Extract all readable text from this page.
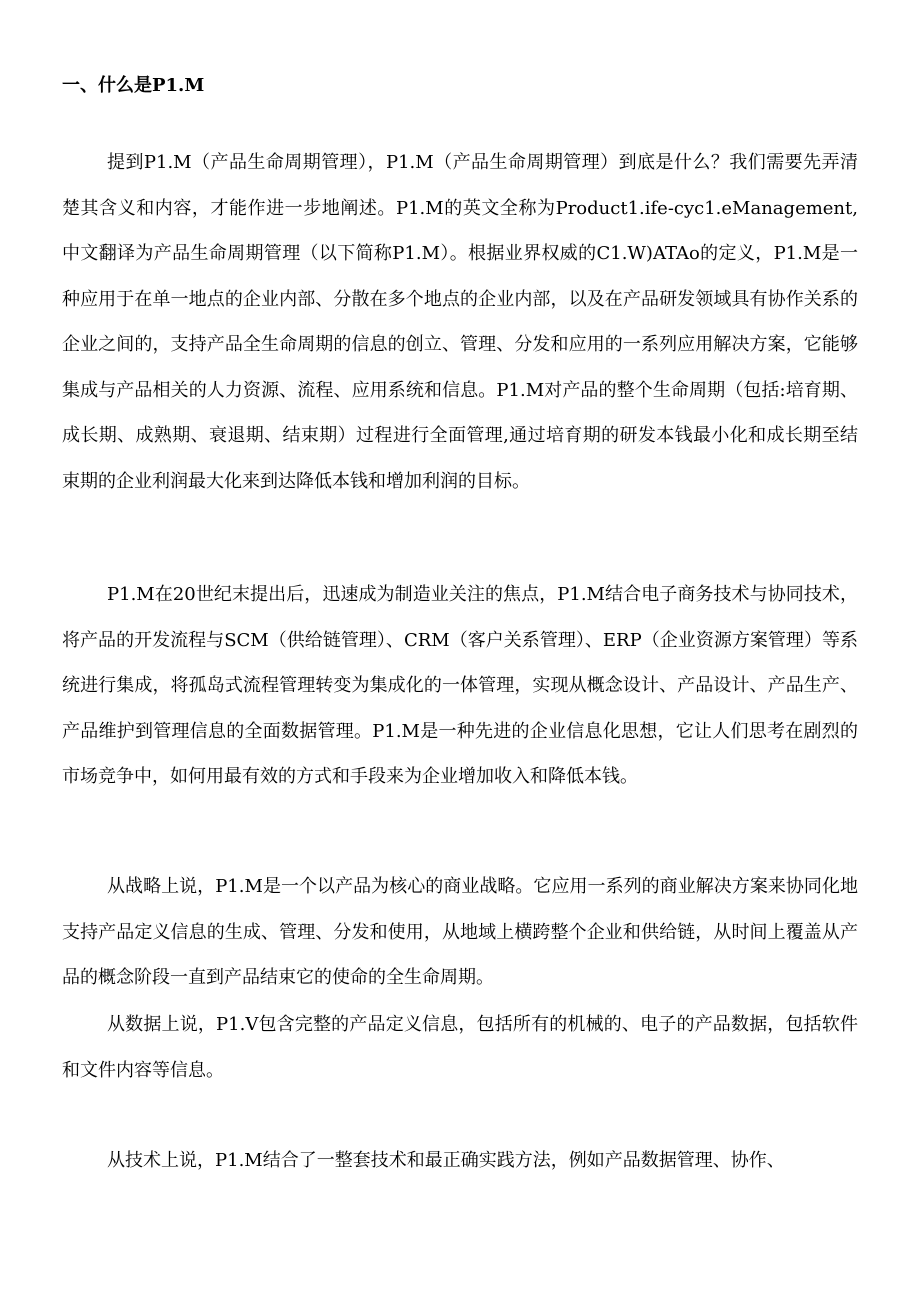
一、什么是P1.M

提到P1.M（产品生命周期管理），P1.M（产品生命周期管理）到底是什么？我们需要先弄清楚其含义和内容，才能作进一步地阐述。P1.M的英文全称为Product1.ife-cyc1.eManagement,中文翻译为产品生命周期管理（以下简称P1.M）。根据业界权威的C1.W)ATAo的定义，P1.M是一种应用于在单一地点的企业内部、分散在多个地点的企业内部，以及在产品研发领域具有协作关系的企业之间的，支持产品全生命周期的信息的创立、管理、分发和应用的一系列应用解决方案，它能够集成与产品相关的人力资源、流程、应用系统和信息。P1.M对产品的整个生命周期（包括:培育期、成长期、成熟期、衰退期、结束期）过程进行全面管理,通过培育期的研发本钱最小化和成长期至结束期的企业利润最大化来到达降低本钱和增加利润的目标。

P1.M在20世纪末提出后，迅速成为制造业关注的焦点，P1.M结合电子商务技术与协同技术，将产品的开发流程与SCM（供给链管理）、CRM（客户关系管理）、ERP（企业资源方案管理）等系统进行集成，将孤岛式流程管理转变为集成化的一体管理，实现从概念设计、产品设计、产品生产、产品维护到管理信息的全面数据管理。P1.M是一种先进的企业信息化思想，它让人们思考在剧烈的市场竞争中，如何用最有效的方式和手段来为企业增加收入和降低本钱。

从战略上说，P1.M是一个以产品为核心的商业战略。它应用一系列的商业解决方案来协同化地支持产品定义信息的生成、管理、分发和使用，从地域上横跨整个企业和供给链，从时间上覆盖从产品的概念阶段一直到产品结束它的使命的全生命周期。

从数据上说，P1.V包含完整的产品定义信息，包括所有的机械的、电子的产品数据，包括软件和文件内容等信息。

从技术上说，P1.M结合了一整套技术和最正确实践方法，例如产品数据管理、协作、
